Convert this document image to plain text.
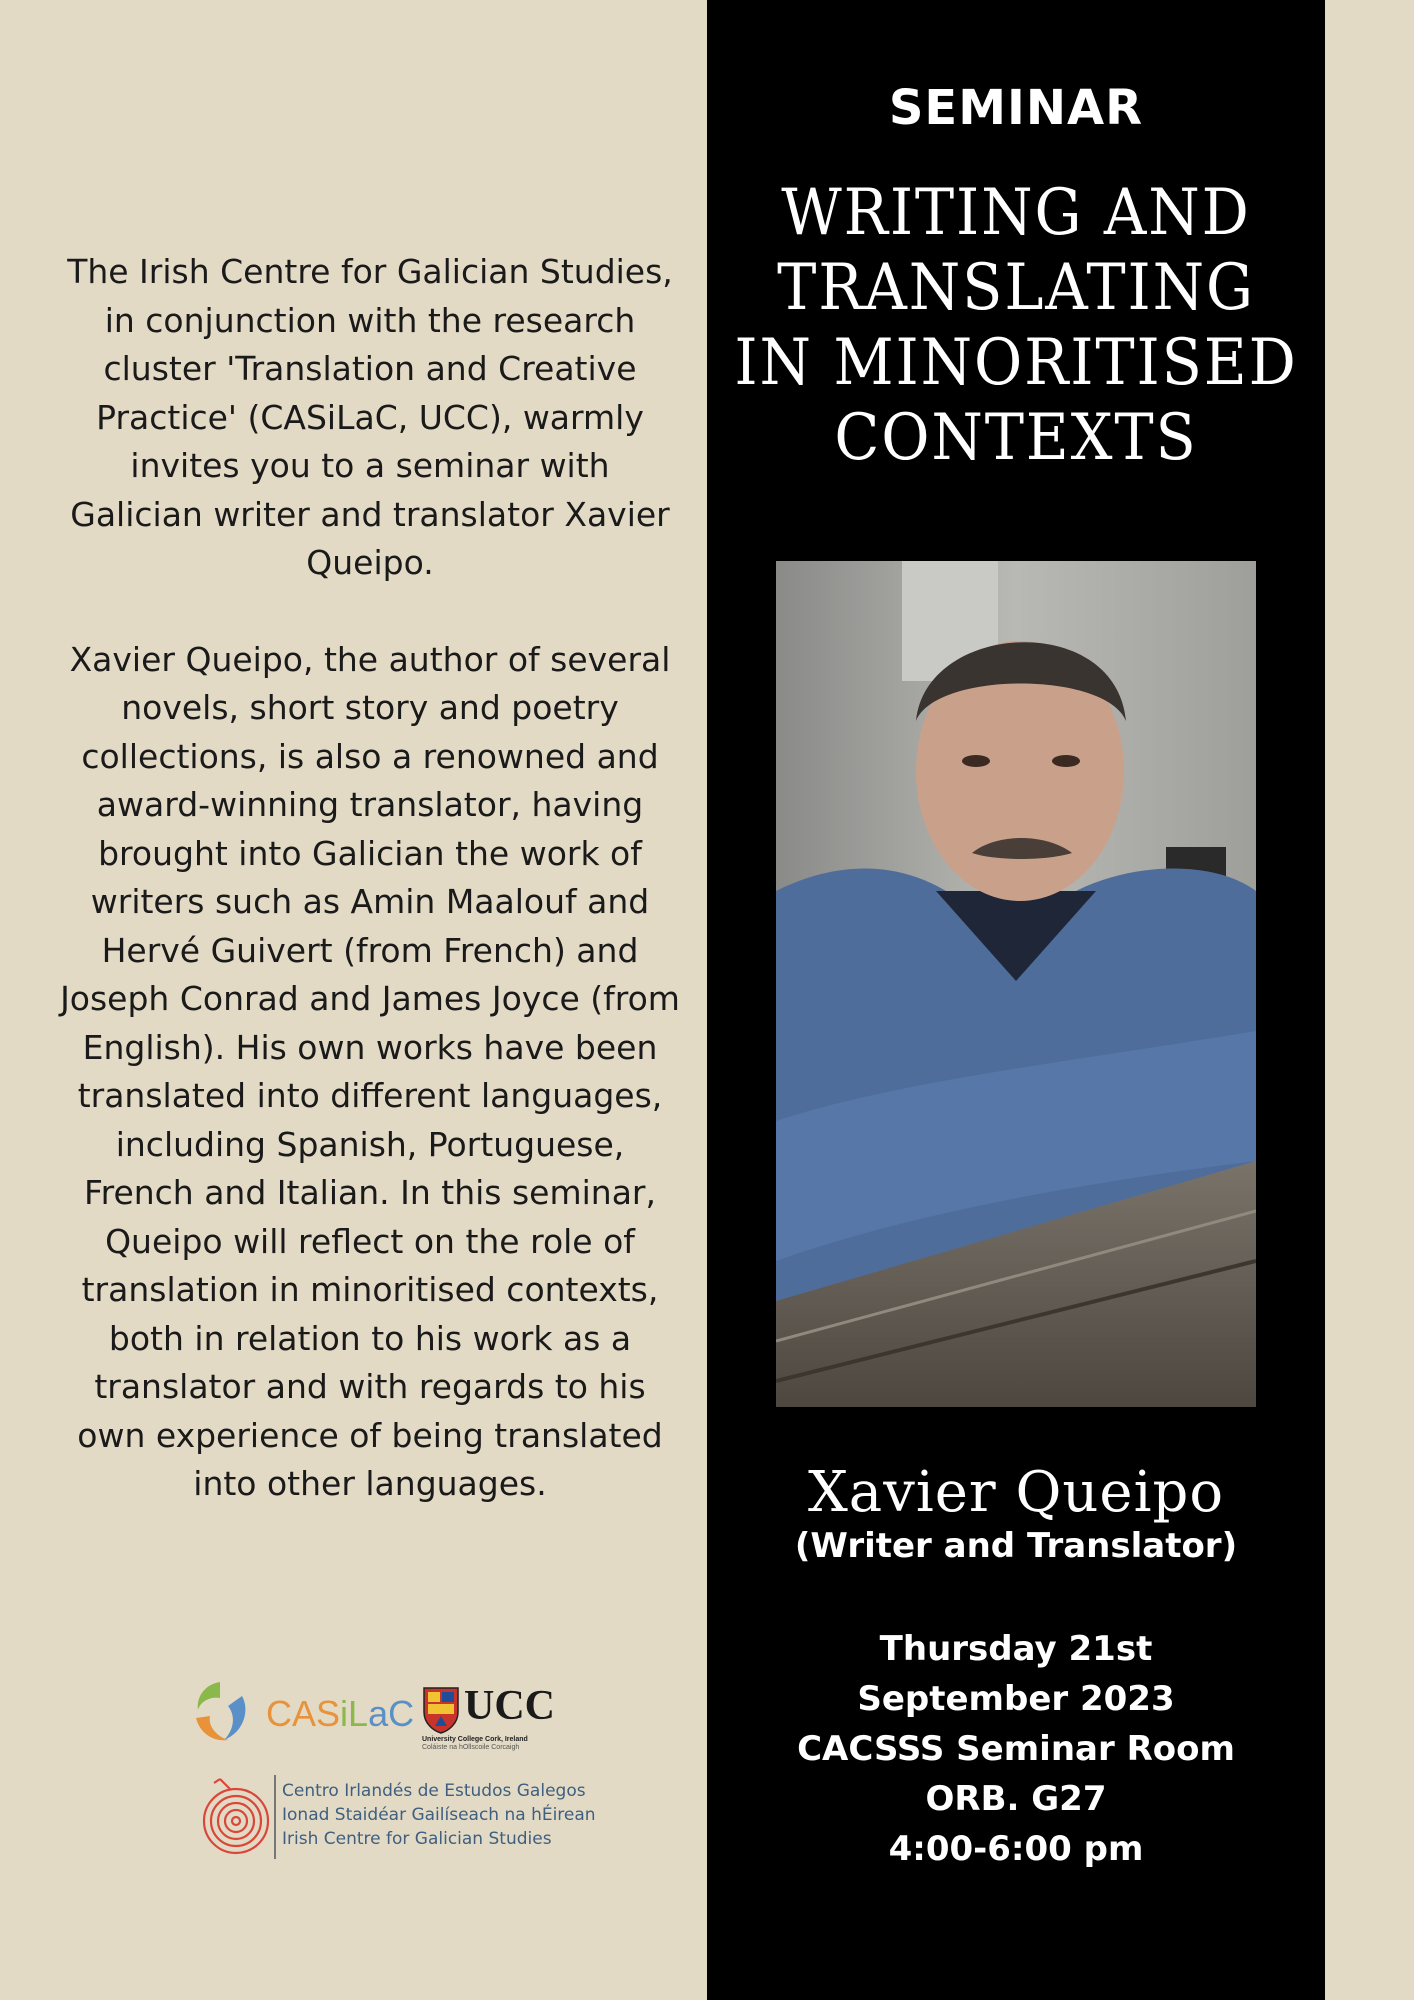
The Irish Centre for Galician Studies, in conjunction with the research cluster 'Translation and Creative Practice' (CASiLaC, UCC), warmly invites you to a seminar with Galician writer and translator Xavier Queipo.

Xavier Queipo, the author of several novels, short story and poetry collections, is also a renowned and award-winning translator, having brought into Galician the work of writers such as Amin Maalouf and Hervé Guivert (from French) and Joseph Conrad and James Joyce (from English). His own works have been translated into different languages, including Spanish, Portuguese, French and Italian. In this seminar, Queipo will reflect on the role of translation in minoritised contexts, both in relation to his work as a translator and with regards to his own experience of being translated into other languages.

CASiLaC UCC
University College Cork, Ireland
Coláiste na hOllscoile Corcaigh
Centro Irlandés de Estudos Galegos
Ionad Staidéar Gailíseach na hÉirean
Irish Centre for Galician Studies
SEMINAR
WRITING AND
TRANSLATING
IN MINORITISED
CONTEXTS
Xavier Queipo
(Writer and Translator)
Thursday 21st
September 2023
CACSSS Seminar Room
ORB. G27
4:00-6:00 pm
